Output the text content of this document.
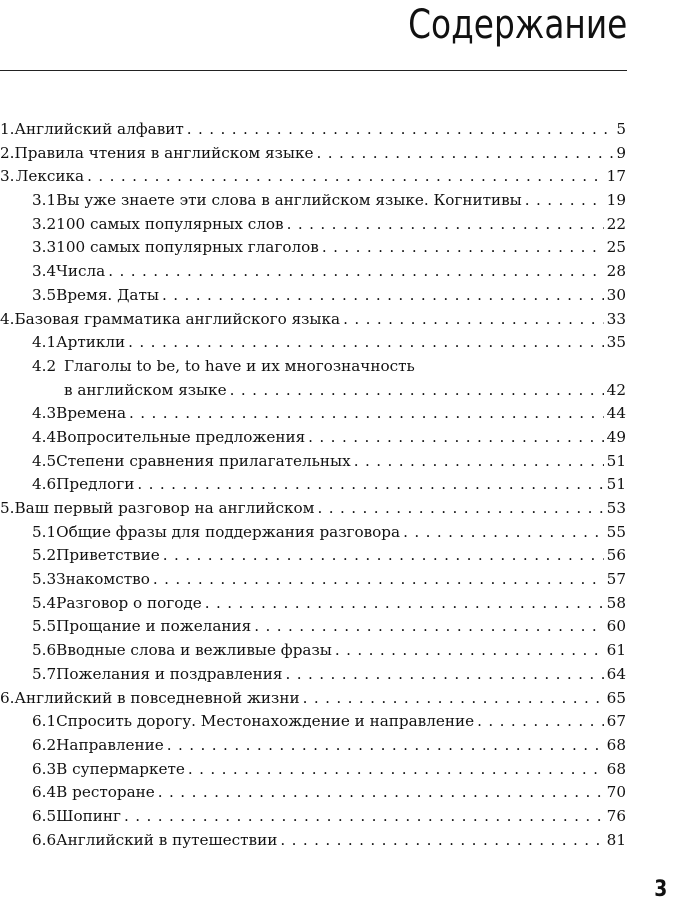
Содержание
1. Английский алфавит . . .	5
2. Правила чтения в английском языке . . .	9
3. Лексика . . .	17
3.1 Вы уже знаете эти слова в английском языке. Когнитивы . . .	19
3.2 100 самых популярных слов . . .	22
3.3 100 самых популярных глаголов . . .	25
3.4 Числа . . .	28
3.5 Время. Даты . . .	30
4. Базовая грамматика английского языка . . .	33
4.1 Артикли . . .	35
4.2 Глаголы to be, to have и их многозначность
в английском языке . . .	42
4.3 Времена . . .	44
4.4 Вопросительные предложения . . .	49
4.5 Степени сравнения прилагательных . . .	51
4.6 Предлоги . . .	51
5. Ваш первый разговор на английском . . .	53
5.1 Общие фразы для поддержания разговора . . .	55
5.2 Приветствие . . .	56
5.3 Знакомство . . .	57
5.4 Разговор о погоде . . .	58
5.5 Прощание и пожелания . . .	60
5.6 Вводные слова и вежливые фразы . . .	61
5.7 Пожелания и поздравления . . .	64
6. Английский в повседневной жизни . . .	65
6.1 Спросить дорогу. Местонахождение и направление . . .	67
6.2 Направление . . .	68
6.3 В супермаркете . . .	68
6.4 В ресторане . . .	70
6.5 Шопинг . . .	76
6.6 Английский в путешествии . . .	81
3
